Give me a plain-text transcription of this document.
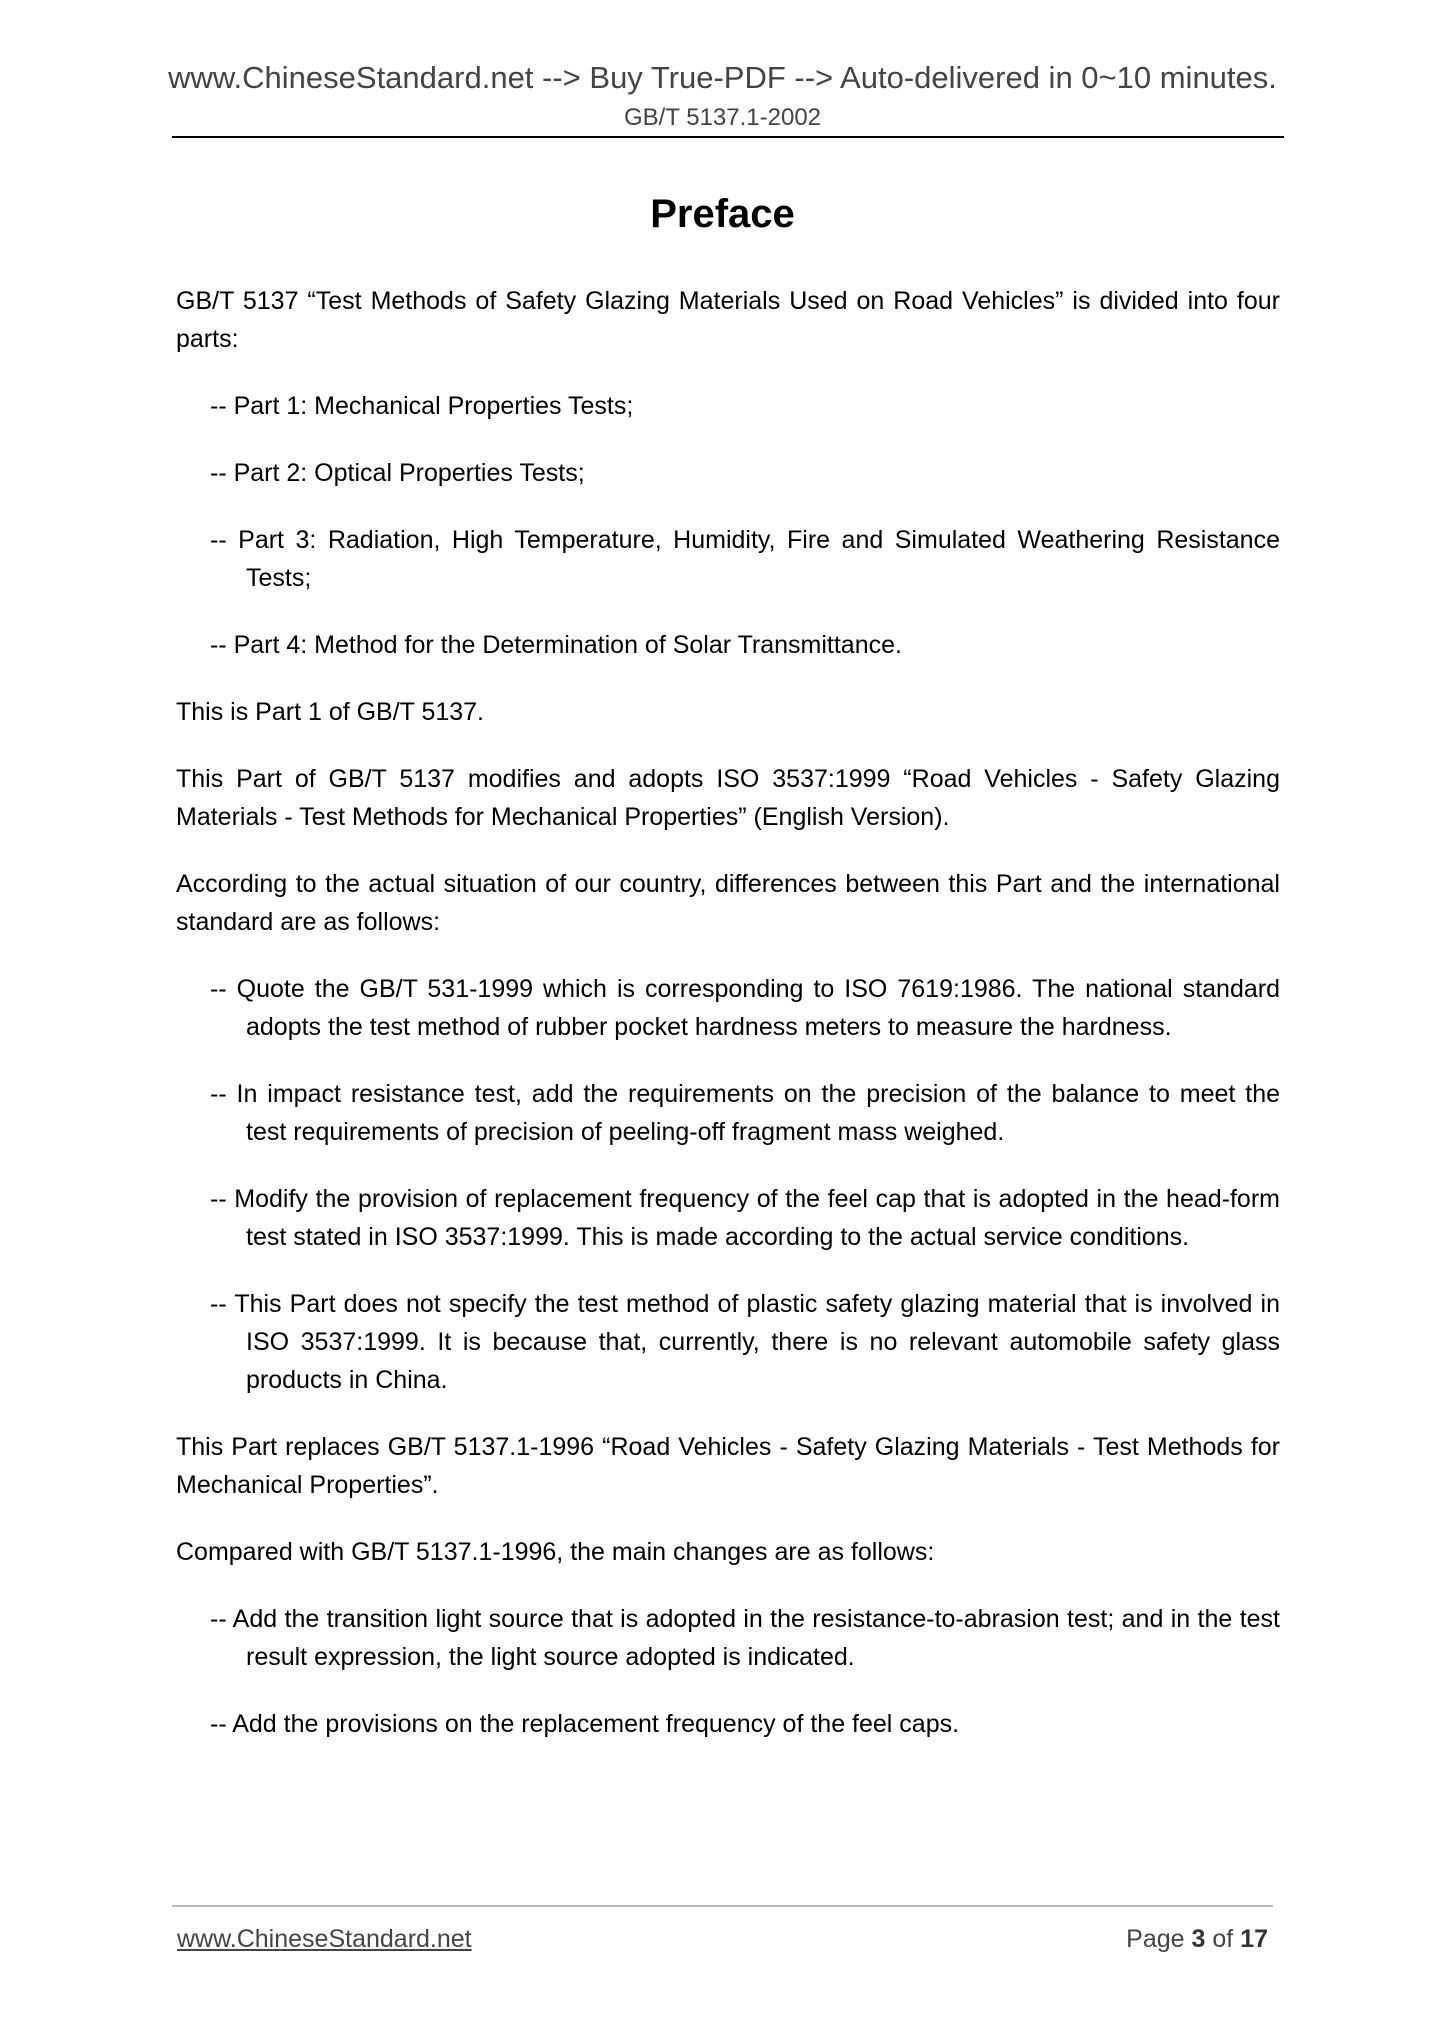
www.ChineseStandard.net --> Buy True-PDF --> Auto-delivered in 0~10 minutes.
GB/T 5137.1-2002
Preface

GB/T 5137 “Test Methods of Safety Glazing Materials Used on Road Vehicles” is divided into four parts:

-- Part 1: Mechanical Properties Tests;

-- Part 2: Optical Properties Tests;

-- Part 3: Radiation, High Temperature, Humidity, Fire and Simulated Weathering Resistance Tests;

-- Part 4: Method for the Determination of Solar Transmittance.

This is Part 1 of GB/T 5137.

This Part of GB/T 5137 modifies and adopts ISO 3537:1999 “Road Vehicles - Safety Glazing Materials - Test Methods for Mechanical Properties” (English Version).

According to the actual situation of our country, differences between this Part and the international standard are as follows:

-- Quote the GB/T 531-1999 which is corresponding to ISO 7619:1986. The national standard adopts the test method of rubber pocket hardness meters to measure the hardness.

-- In impact resistance test, add the requirements on the precision of the balance to meet the test requirements of precision of peeling-off fragment mass weighed.

-- Modify the provision of replacement frequency of the feel cap that is adopted in the head-form test stated in ISO 3537:1999. This is made according to the actual service conditions.

-- This Part does not specify the test method of plastic safety glazing material that is involved in ISO 3537:1999. It is because that, currently, there is no relevant automobile safety glass products in China.

This Part replaces GB/T 5137.1-1996 “Road Vehicles - Safety Glazing Materials - Test Methods for Mechanical Properties”.

Compared with GB/T 5137.1-1996, the main changes are as follows:

-- Add the transition light source that is adopted in the resistance-to-abrasion test; and in the test result expression, the light source adopted is indicated.

-- Add the provisions on the replacement frequency of the feel caps.

www.ChineseStandard.net	Page 3 of 17
